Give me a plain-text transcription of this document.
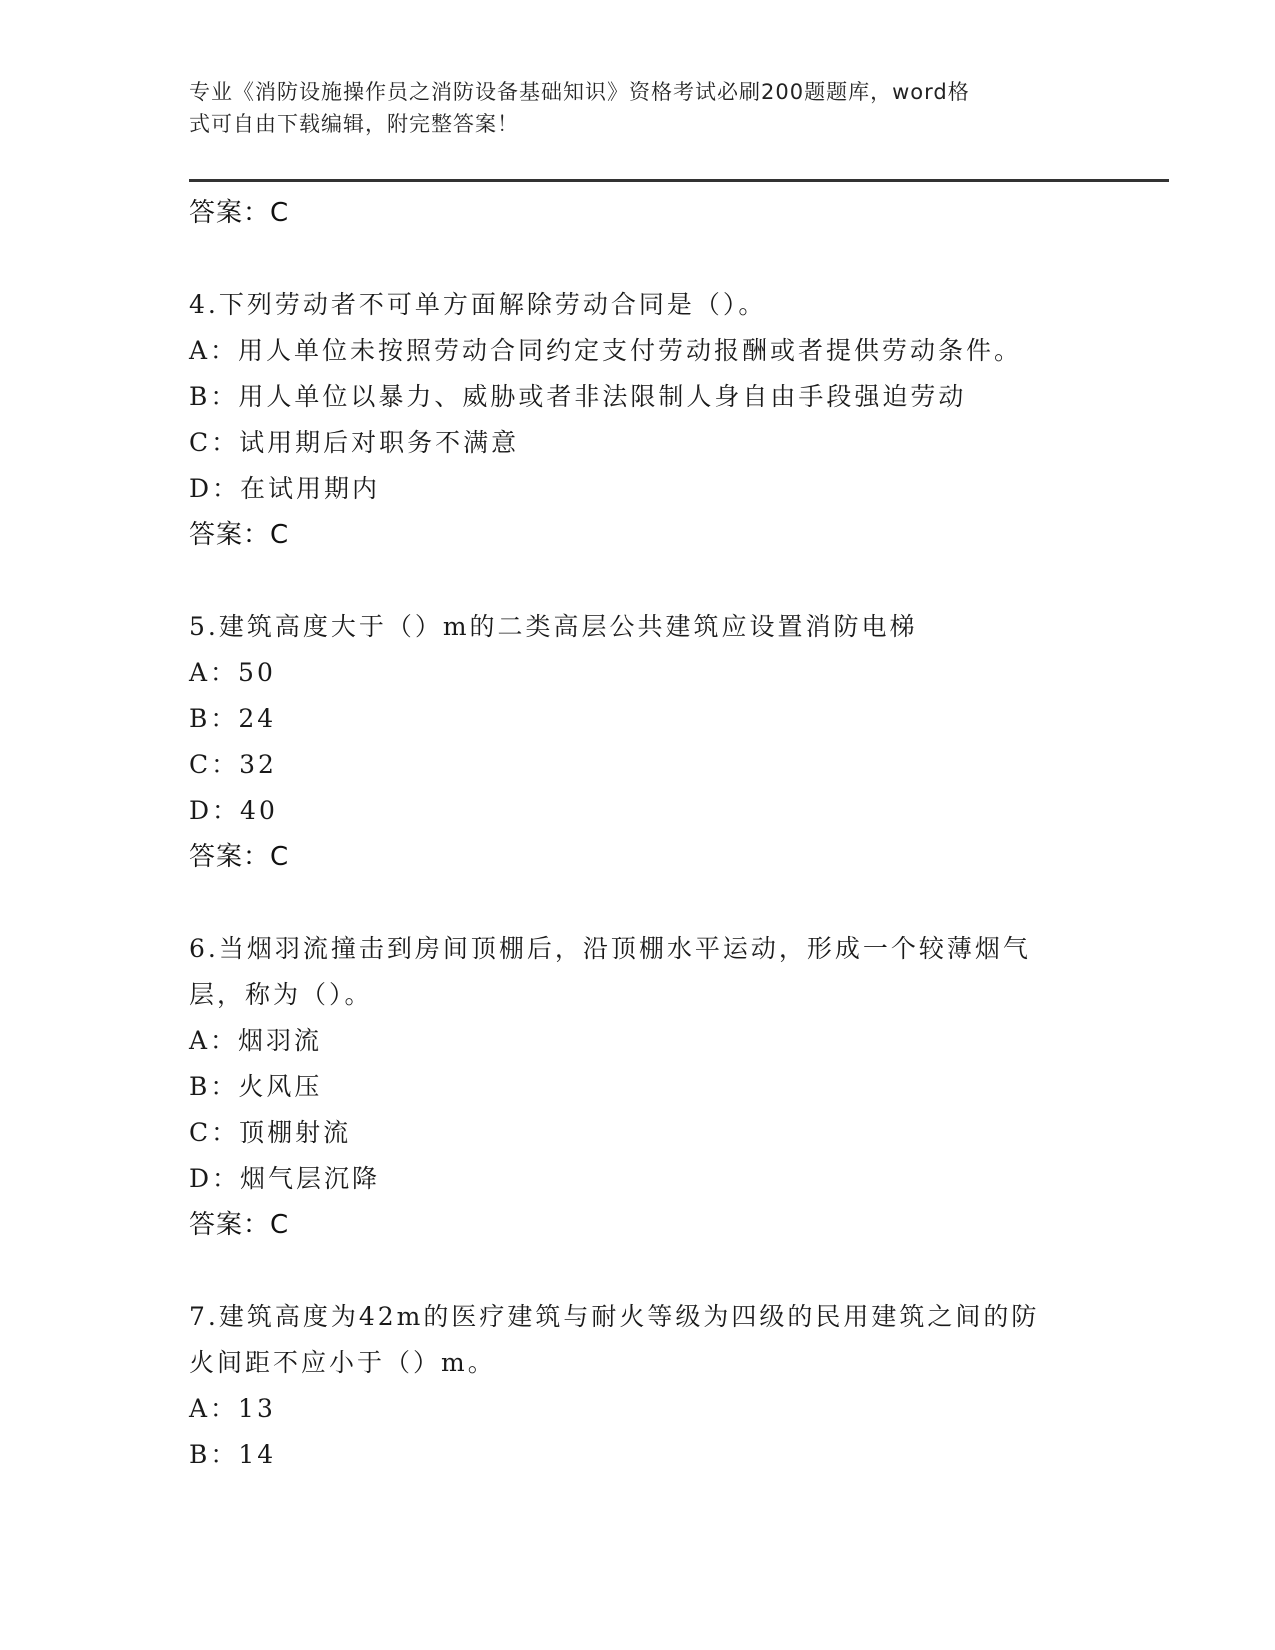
专业《消防设施操作员之消防设备基础知识》资格考试必刷200题题库，word格
式可自由下载编辑，附完整答案！
答案：C
4.下列劳动者不可单方面解除劳动合同是（）。
A：用人单位未按照劳动合同约定支付劳动报酬或者提供劳动条件。
B：用人单位以暴力、威胁或者非法限制人身自由手段强迫劳动
C：试用期后对职务不满意
D：在试用期内
答案：C
5.建筑高度大于（）m的二类高层公共建筑应设置消防电梯
A：50
B：24
C：32
D：40
答案：C
6.当烟羽流撞击到房间顶棚后，沿顶棚水平运动，形成一个较薄烟气
层，称为（）。
A：烟羽流
B：火风压
C：顶棚射流
D：烟气层沉降
答案：C
7.建筑高度为42m的医疗建筑与耐火等级为四级的民用建筑之间的防
火间距不应小于（）m。
A：13
B：14
